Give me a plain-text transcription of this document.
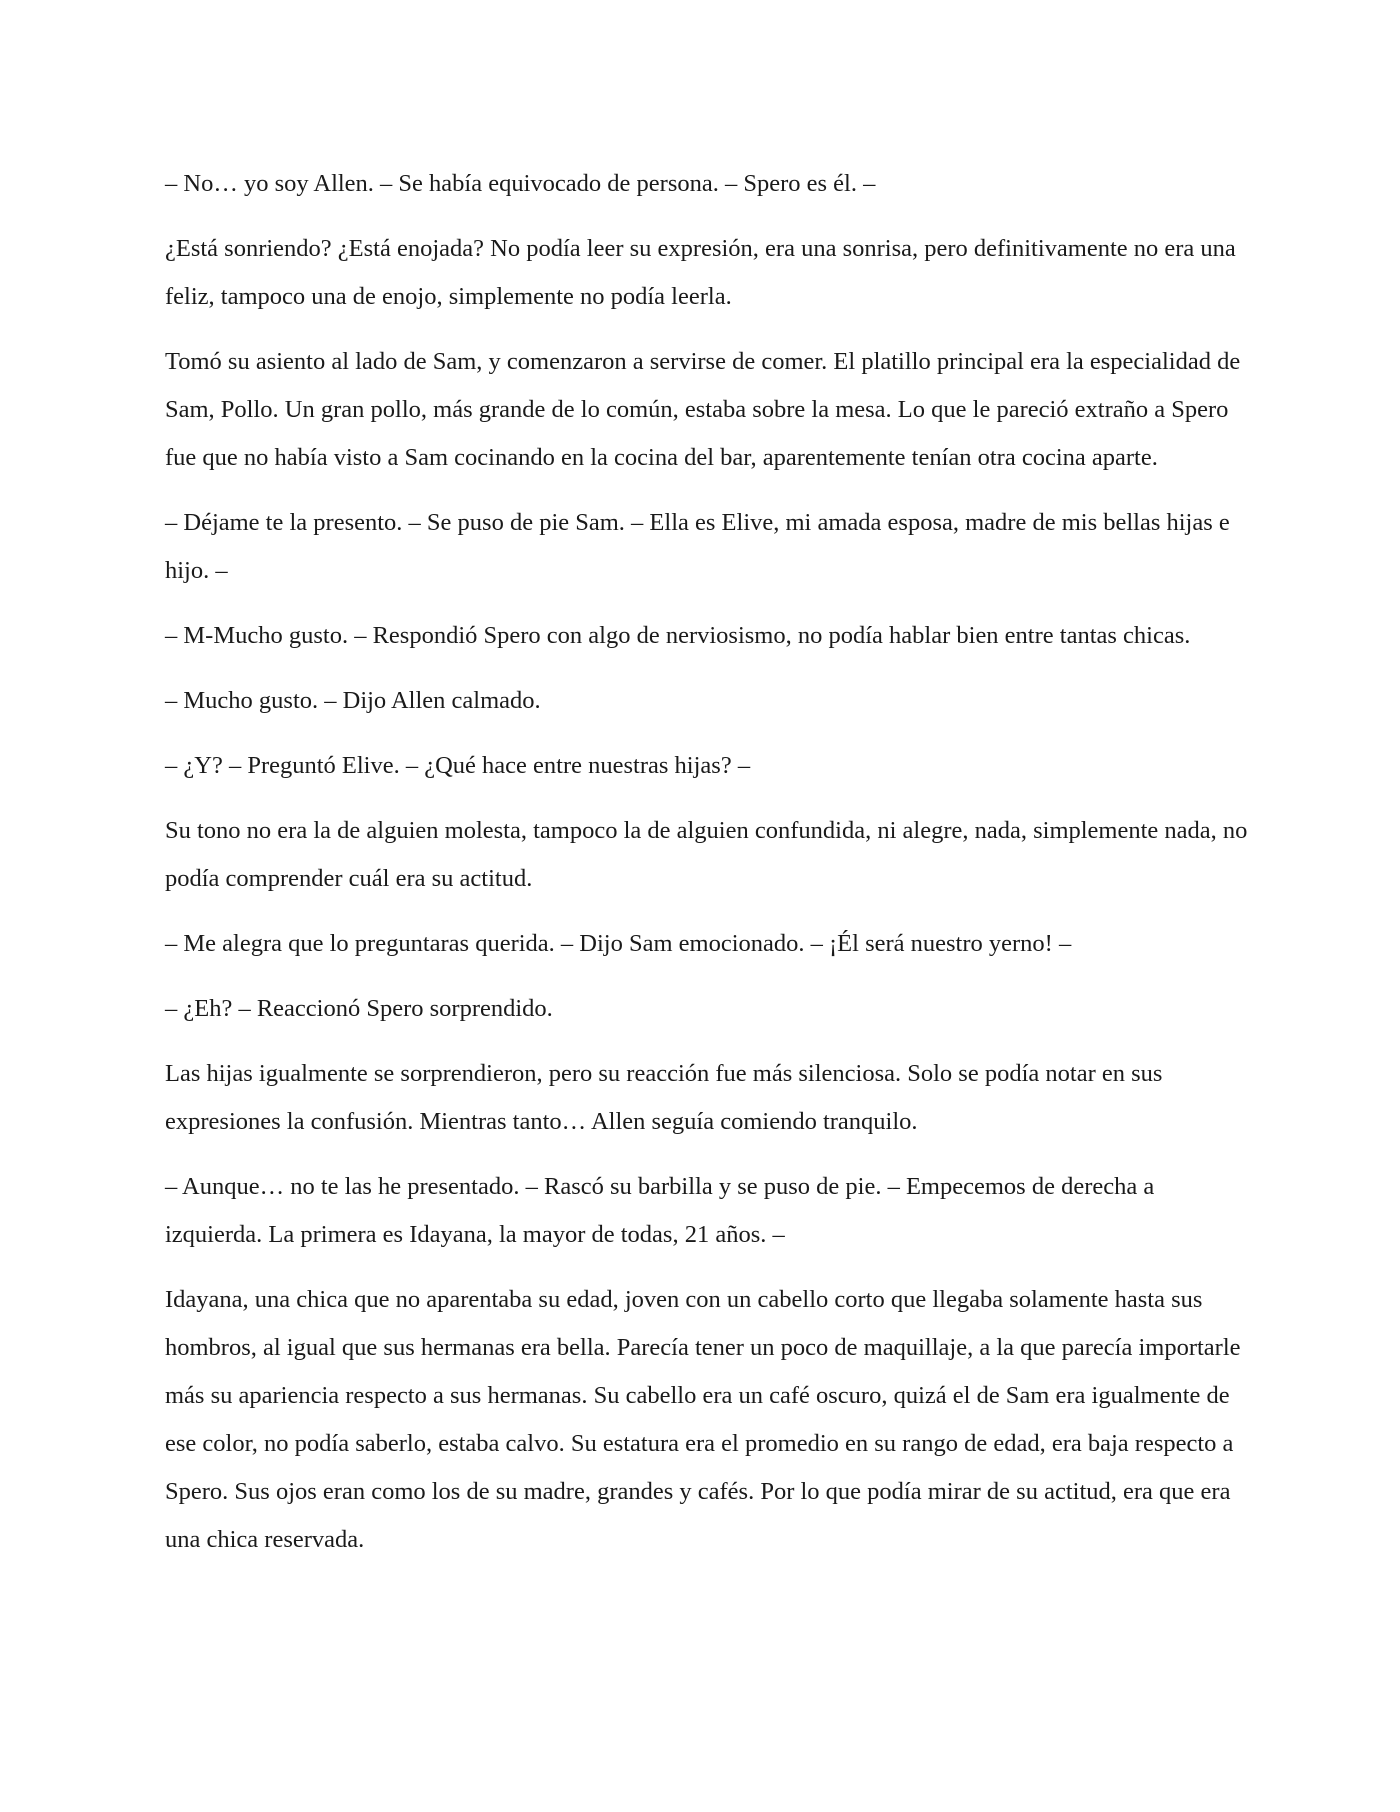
– No… yo soy Allen. – Se había equivocado de persona. – Spero es él. –

¿Está sonriendo? ¿Está enojada? No podía leer su expresión, era una sonrisa, pero definitivamente no era una feliz, tampoco una de enojo, simplemente no podía leerla.

Tomó su asiento al lado de Sam, y comenzaron a servirse de comer. El platillo principal era la especialidad de Sam, Pollo. Un gran pollo, más grande de lo común, estaba sobre la mesa. Lo que le pareció extraño a Spero fue que no había visto a Sam cocinando en la cocina del bar, aparentemente tenían otra cocina aparte.

– Déjame te la presento. – Se puso de pie Sam. – Ella es Elive, mi amada esposa, madre de mis bellas hijas e hijo. –

– M-Mucho gusto. – Respondió Spero con algo de nerviosismo, no podía hablar bien entre tantas chicas.

– Mucho gusto. – Dijo Allen calmado.

– ¿Y? – Preguntó Elive. – ¿Qué hace entre nuestras hijas? –

Su tono no era la de alguien molesta, tampoco la de alguien confundida, ni alegre, nada, simplemente nada, no podía comprender cuál era su actitud.

– Me alegra que lo preguntaras querida. – Dijo Sam emocionado. – ¡Él será nuestro yerno! –

– ¿Eh? – Reaccionó Spero sorprendido.

Las hijas igualmente se sorprendieron, pero su reacción fue más silenciosa. Solo se podía notar en sus expresiones la confusión. Mientras tanto… Allen seguía comiendo tranquilo.

– Aunque… no te las he presentado. – Rascó su barbilla y se puso de pie. – Empecemos de derecha a izquierda. La primera es Idayana, la mayor de todas, 21 años. –

Idayana, una chica que no aparentaba su edad, joven con un cabello corto que llegaba solamente hasta sus hombros, al igual que sus hermanas era bella. Parecía tener un poco de maquillaje, a la que parecía importarle más su apariencia respecto a sus hermanas. Su cabello era un café oscuro, quizá el de Sam era igualmente de ese color, no podía saberlo, estaba calvo. Su estatura era el promedio en su rango de edad, era baja respecto a Spero. Sus ojos eran como los de su madre, grandes y cafés. Por lo que podía mirar de su actitud, era que era una chica reservada.
